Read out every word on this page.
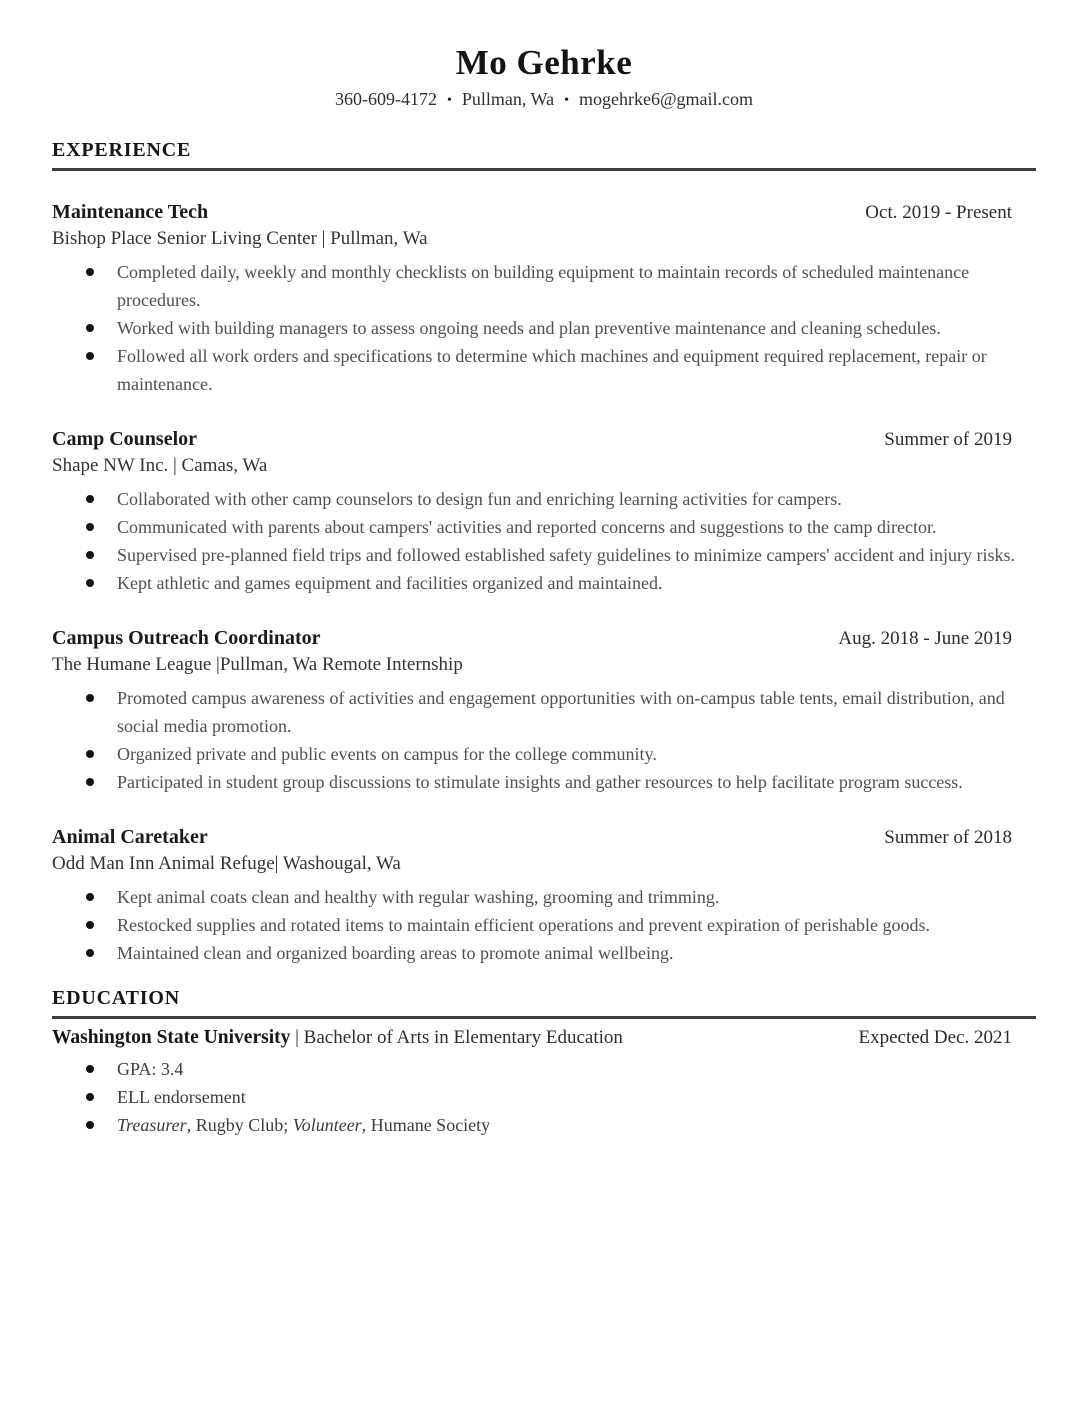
Mo Gehrke
360-609-4172 • Pullman, Wa • mogehrke6@gmail.com
EXPERIENCE
Maintenance Tech	Oct. 2019 - Present
Bishop Place Senior Living Center | Pullman, Wa
Completed daily, weekly and monthly checklists on building equipment to maintain records of scheduled maintenance procedures.
Worked with building managers to assess ongoing needs and plan preventive maintenance and cleaning schedules.
Followed all work orders and specifications to determine which machines and equipment required replacement, repair or maintenance.
Camp Counselor	Summer of 2019
Shape NW Inc. | Camas, Wa
Collaborated with other camp counselors to design fun and enriching learning activities for campers.
Communicated with parents about campers' activities and reported concerns and suggestions to the camp director.
Supervised pre-planned field trips and followed established safety guidelines to minimize campers' accident and injury risks.
Kept athletic and games equipment and facilities organized and maintained.
Campus Outreach Coordinator	Aug. 2018 - June 2019
The Humane League |Pullman, Wa Remote Internship
Promoted campus awareness of activities and engagement opportunities with on-campus table tents, email distribution, and social media promotion.
Organized private and public events on campus for the college community.
Participated in student group discussions to stimulate insights and gather resources to help facilitate program success.
Animal Caretaker	Summer of 2018
Odd Man Inn Animal Refuge| Washougal, Wa
Kept animal coats clean and healthy with regular washing, grooming and trimming.
Restocked supplies and rotated items to maintain efficient operations and prevent expiration of perishable goods.
Maintained clean and organized boarding areas to promote animal wellbeing.
EDUCATION
Washington State University | Bachelor of Arts in Elementary Education	Expected Dec. 2021
GPA: 3.4
ELL endorsement
Treasurer, Rugby Club; Volunteer, Humane Society
